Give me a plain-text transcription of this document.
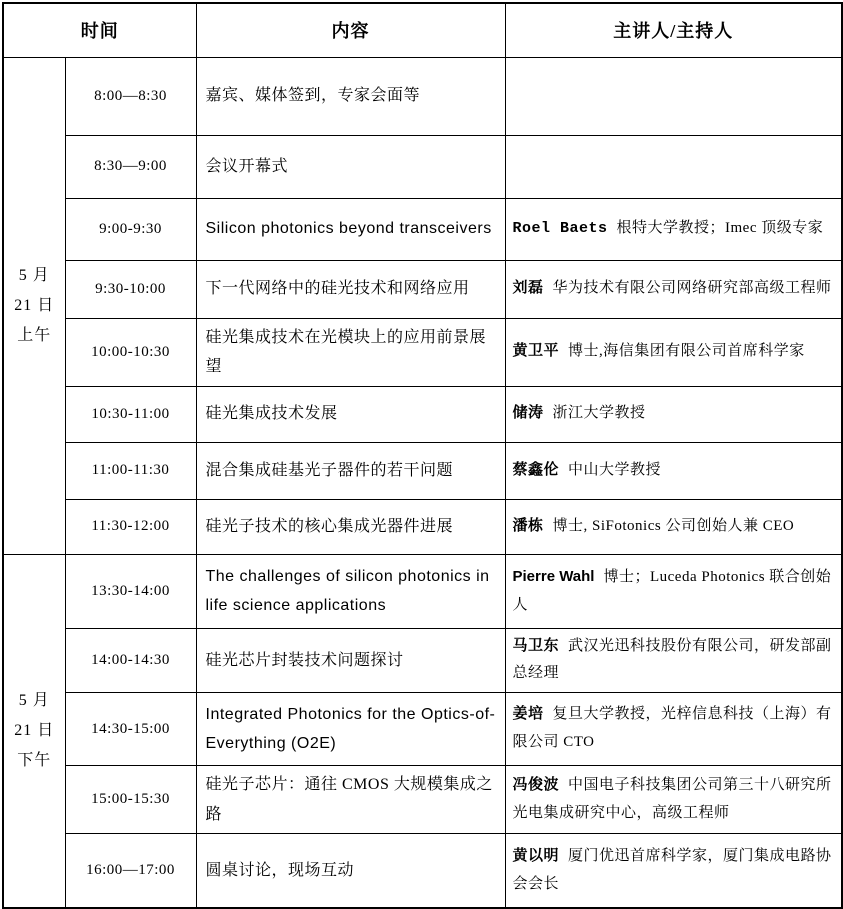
时间		内容	主讲人/主持人

5 月
21 日
上午	8:00—8:30	嘉宾、媒体签到，专家会面等	
	8:30—9:00	会议开幕式	
	9:00-9:30	Silicon photonics beyond transceivers	Roel Baets 根特大学教授；Imec 顶级专家
	9:30-10:00	下一代网络中的硅光技术和网络应用	刘磊 华为技术有限公司网络研究部高级工程师
	10:00-10:30	硅光集成技术在光模块上的应用前景展望	黄卫平 博士,海信集团有限公司首席科学家
	10:30-11:00	硅光集成技术发展	储涛 浙江大学教授
	11:00-11:30	混合集成硅基光子器件的若干问题	蔡鑫伦 中山大学教授
	11:30-12:00	硅光子技术的核心集成光器件进展	潘栋 博士, SiFotonics 公司创始人兼 CEO

5 月
21 日
下午	13:30-14:00	The challenges of silicon photonics in life science applications	Pierre Wahl 博士；Luceda Photonics 联合创始人
	14:00-14:30	硅光芯片封装技术问题探讨	马卫东 武汉光迅科技股份有限公司，研发部副总经理
	14:30-15:00	Integrated Photonics for the Optics-of-Everything (O2E)	姜培 复旦大学教授，光梓信息科技（上海）有限公司 CTO
	15:00-15:30	硅光子芯片：通往 CMOS 大规模集成之路	冯俊波 中国电子科技集团公司第三十八研究所光电集成研究中心，高级工程师
	16:00—17:00	圆桌讨论，现场互动	黄以明 厦门优迅首席科学家，厦门集成电路协会会长
